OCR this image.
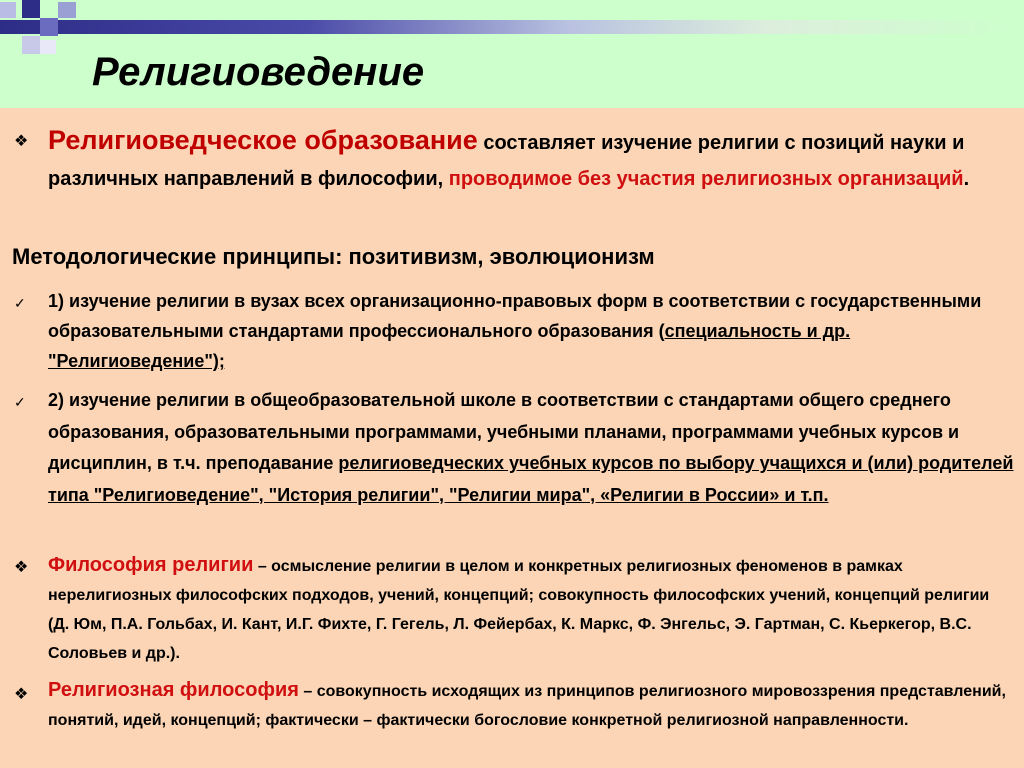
Религиоведение
❖ Религиоведческое образование составляет изучение религии с позиций науки и различных направлений в философии, проводимое без участия религиозных организаций.
Методологические принципы: позитивизм, эволюционизм
✓ 1) изучение религии в вузах всех организационно-правовых форм в соответствии с государственными образовательными стандартами профессионального образования (специальность и др. "Религиоведение");
✓ 2) изучение религии в общеобразовательной школе в соответствии с стандартами общего среднего образования, образовательными программами, учебными планами, программами учебных курсов и дисциплин, в т.ч. преподавание религиоведческих учебных курсов по выбору учащихся и (или) родителей типа "Религиоведение", "История религии", "Религии мира", «Религии в России» и т.п.
❖ Философия религии – осмысление религии в целом и конкретных религиозных феноменов в рамках нерелигиозных философских подходов, учений, концепций; совокупность философских учений, концепций религии (Д. Юм, П.А. Гольбах, И. Кант, И.Г. Фихте, Г. Гегель, Л. Фейербах, К. Маркс, Ф. Энгельс, Э. Гартман, С. Кьеркегор, В.С. Соловьев и др.).
❖ Религиозная философия – совокупность исходящих из принципов религиозного мировоззрения представлений, понятий, идей, концепций; фактически – фактически богословие конкретной религиозной направленности.
